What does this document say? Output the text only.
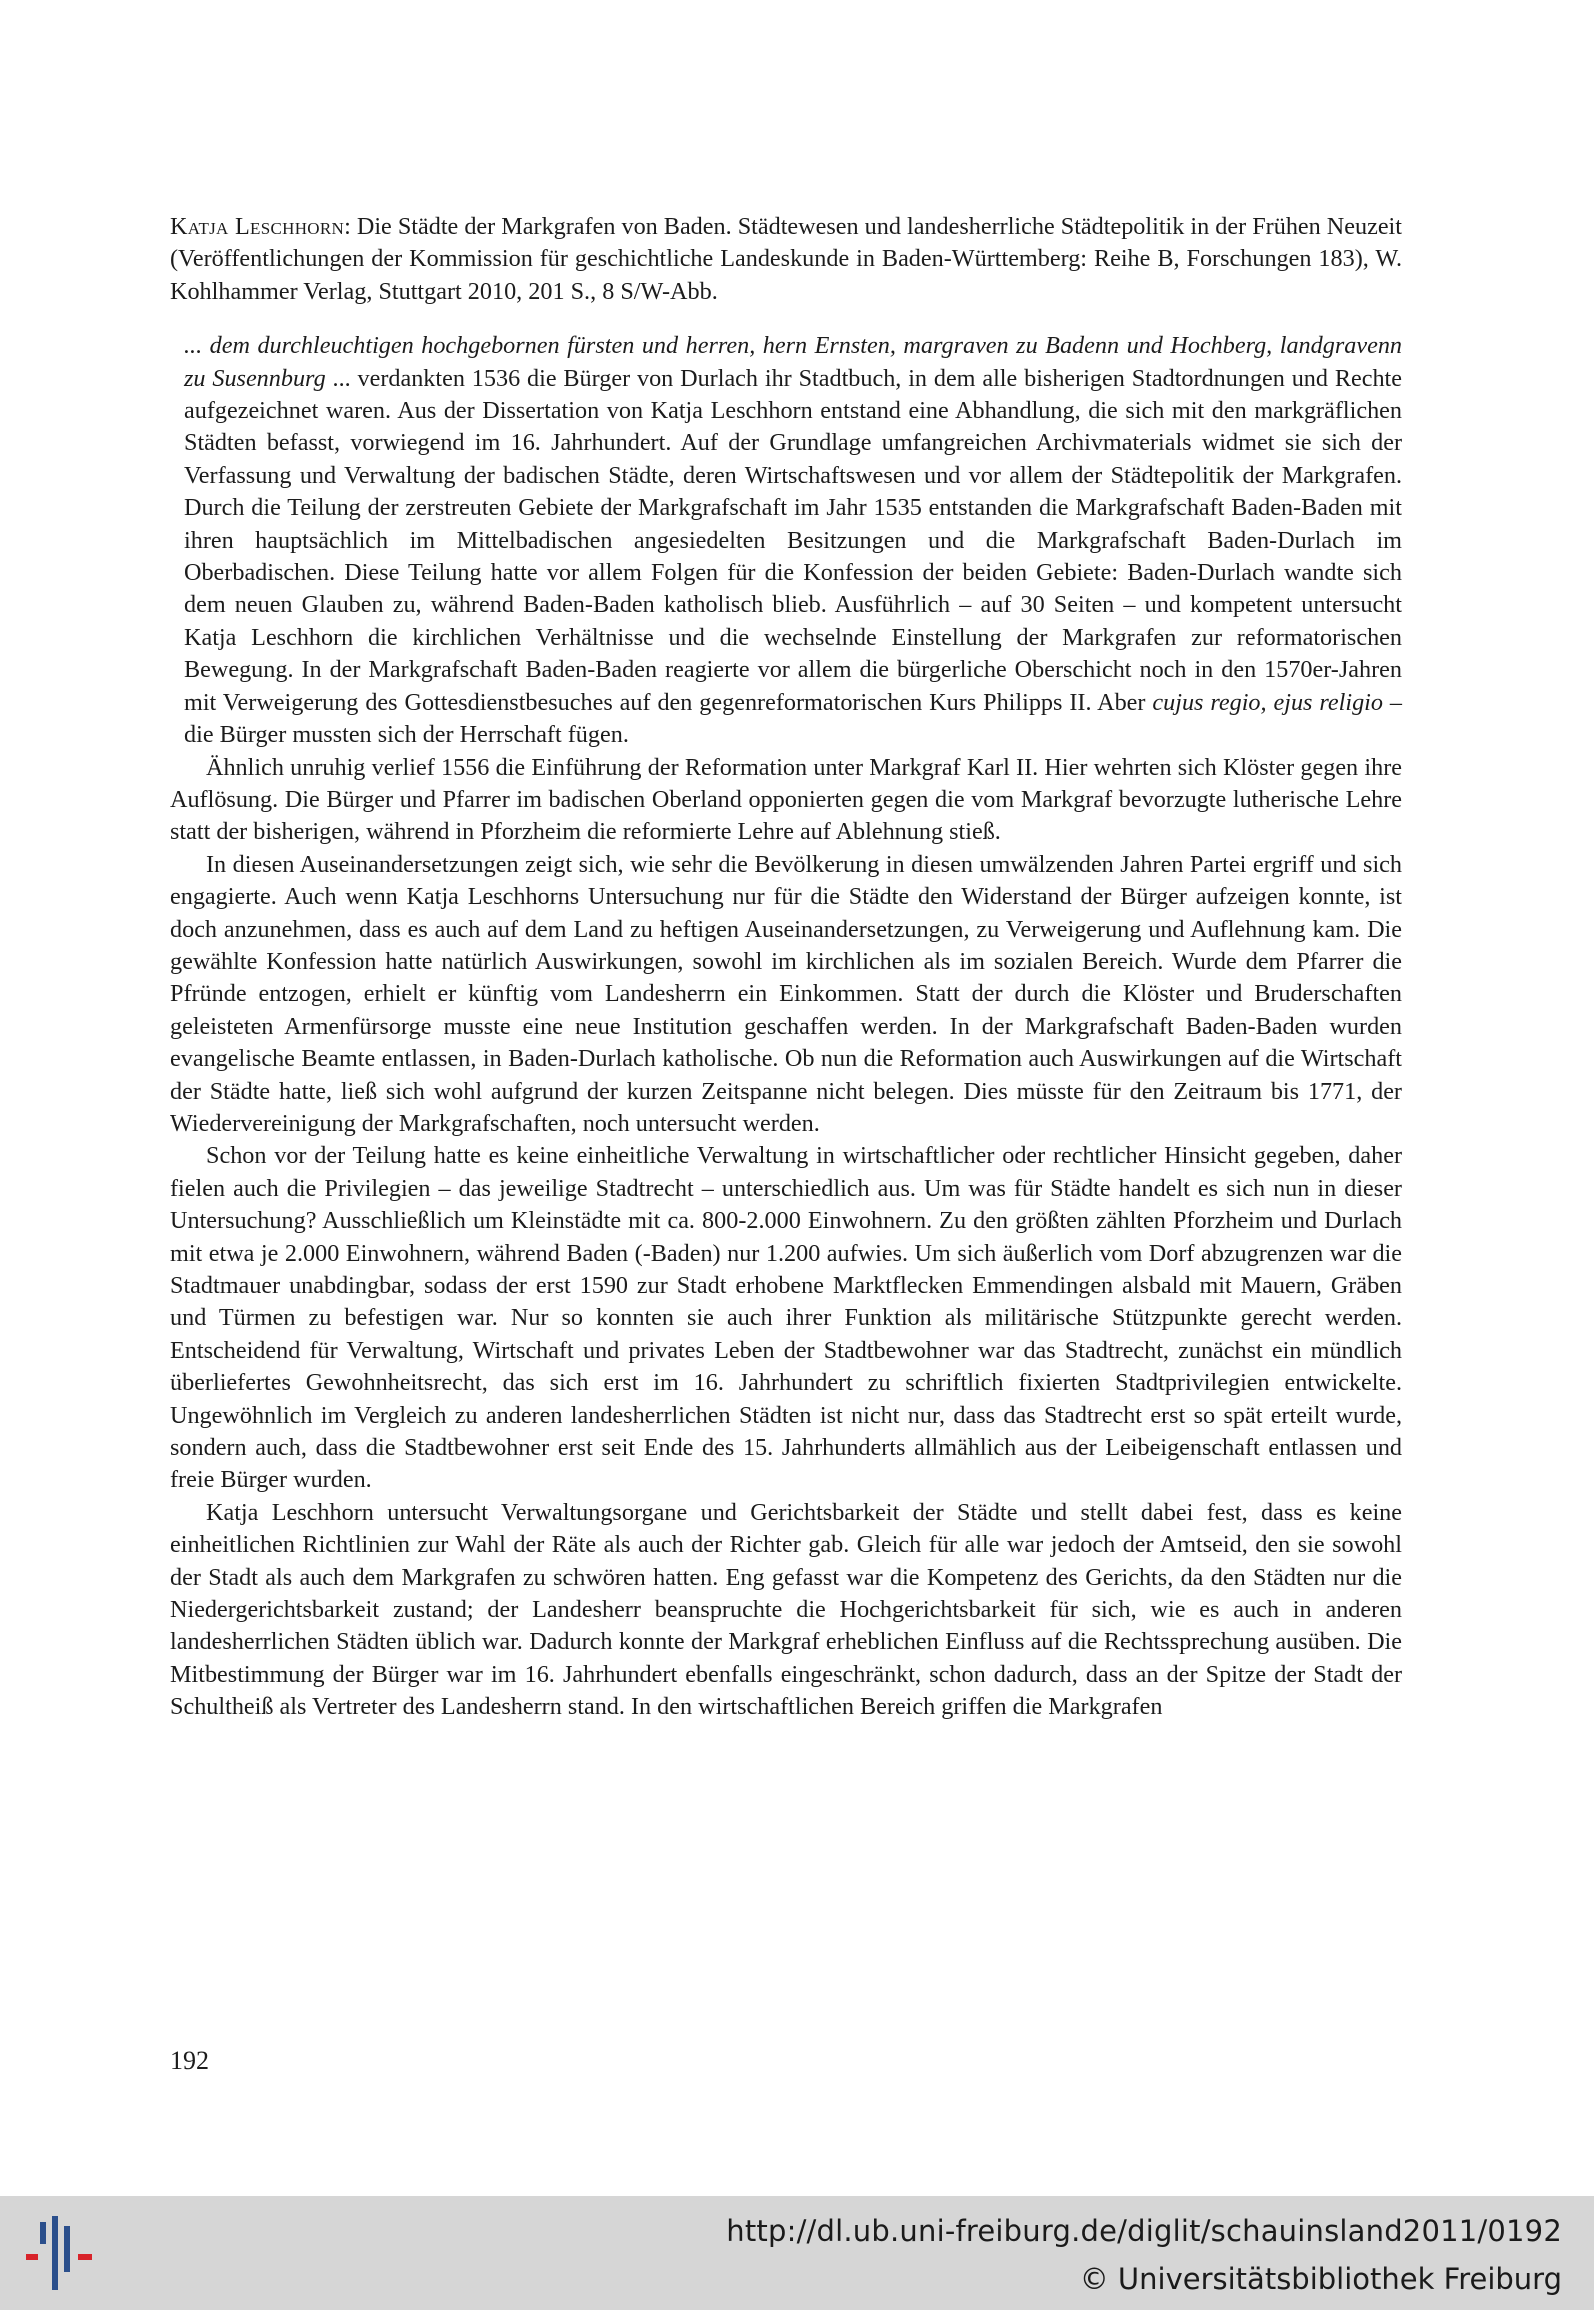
Katja Leschhorn: Die Städte der Markgrafen von Baden. Städtewesen und landesherrliche Städtepolitik in der Frühen Neuzeit (Veröffentlichungen der Kommission für geschichtliche Landeskunde in Baden-Württemberg: Reihe B, Forschungen 183), W. Kohlhammer Verlag, Stuttgart 2010, 201 S., 8 S/W-Abb.

... dem durchleuchtigen hochgebornen fürsten und herren, hern Ernsten, margraven zu Badenn und Hochberg, landgravenn zu Susennburg ... verdankten 1536 die Bürger von Durlach ihr Stadtbuch, in dem alle bisherigen Stadtordnungen und Rechte aufgezeichnet waren. Aus der Dissertation von Katja Leschhorn entstand eine Abhandlung, die sich mit den markgräflichen Städten befasst, vorwiegend im 16. Jahrhundert. Auf der Grundlage umfangreichen Archivmaterials widmet sie sich der Verfassung und Verwaltung der badischen Städte, deren Wirtschaftswesen und vor allem der Städtepolitik der Markgrafen. Durch die Teilung der zerstreuten Gebiete der Markgrafschaft im Jahr 1535 entstanden die Markgrafschaft Baden-Baden mit ihren hauptsächlich im Mittelbadischen angesiedelten Besitzungen und die Markgrafschaft Baden-Durlach im Oberbadischen. Diese Teilung hatte vor allem Folgen für die Konfession der beiden Gebiete: Baden-Durlach wandte sich dem neuen Glauben zu, während Baden-Baden katholisch blieb. Ausführlich – auf 30 Seiten – und kompetent untersucht Katja Leschhorn die kirchlichen Verhältnisse und die wechselnde Einstellung der Markgrafen zur reformatorischen Bewegung. In der Markgrafschaft Baden-Baden reagierte vor allem die bürgerliche Oberschicht noch in den 1570er-Jahren mit Verweigerung des Gottesdienstbesuches auf den gegenreformatorischen Kurs Philipps II. Aber cujus regio, ejus religio – die Bürger mussten sich der Herrschaft fügen.

Ähnlich unruhig verlief 1556 die Einführung der Reformation unter Markgraf Karl II. Hier wehrten sich Klöster gegen ihre Auflösung. Die Bürger und Pfarrer im badischen Oberland opponierten gegen die vom Markgraf bevorzugte lutherische Lehre statt der bisherigen, während in Pforzheim die reformierte Lehre auf Ablehnung stieß.

In diesen Auseinandersetzungen zeigt sich, wie sehr die Bevölkerung in diesen umwälzenden Jahren Partei ergriff und sich engagierte. Auch wenn Katja Leschhorns Untersuchung nur für die Städte den Widerstand der Bürger aufzeigen konnte, ist doch anzunehmen, dass es auch auf dem Land zu heftigen Auseinandersetzungen, zu Verweigerung und Auflehnung kam. Die gewählte Konfession hatte natürlich Auswirkungen, sowohl im kirchlichen als im sozialen Bereich. Wurde dem Pfarrer die Pfründe entzogen, erhielt er künftig vom Landesherrn ein Einkommen. Statt der durch die Klöster und Bruderschaften geleisteten Armenfürsorge musste eine neue Institution geschaffen werden. In der Markgrafschaft Baden-Baden wurden evangelische Beamte entlassen, in Baden-Durlach katholische. Ob nun die Reformation auch Auswirkungen auf die Wirtschaft der Städte hatte, ließ sich wohl aufgrund der kurzen Zeitspanne nicht belegen. Dies müsste für den Zeitraum bis 1771, der Wiedervereinigung der Markgrafschaften, noch untersucht werden.

Schon vor der Teilung hatte es keine einheitliche Verwaltung in wirtschaftlicher oder rechtlicher Hinsicht gegeben, daher fielen auch die Privilegien – das jeweilige Stadtrecht – unterschiedlich aus. Um was für Städte handelt es sich nun in dieser Untersuchung? Ausschließlich um Kleinstädte mit ca. 800-2.000 Einwohnern. Zu den größten zählten Pforzheim und Durlach mit etwa je 2.000 Einwohnern, während Baden (-Baden) nur 1.200 aufwies. Um sich äußerlich vom Dorf abzugrenzen war die Stadtmauer unabdingbar, sodass der erst 1590 zur Stadt erhobene Marktflecken Emmendingen alsbald mit Mauern, Gräben und Türmen zu befestigen war. Nur so konnten sie auch ihrer Funktion als militärische Stützpunkte gerecht werden. Entscheidend für Verwaltung, Wirtschaft und privates Leben der Stadtbewohner war das Stadtrecht, zunächst ein mündlich überliefertes Gewohnheitsrecht, das sich erst im 16. Jahrhundert zu schriftlich fixierten Stadtprivilegien entwickelte. Ungewöhnlich im Vergleich zu anderen landesherrlichen Städten ist nicht nur, dass das Stadtrecht erst so spät erteilt wurde, sondern auch, dass die Stadtbewohner erst seit Ende des 15. Jahrhunderts allmählich aus der Leibeigenschaft entlassen und freie Bürger wurden.

Katja Leschhorn untersucht Verwaltungsorgane und Gerichtsbarkeit der Städte und stellt dabei fest, dass es keine einheitlichen Richtlinien zur Wahl der Räte als auch der Richter gab. Gleich für alle war jedoch der Amtseid, den sie sowohl der Stadt als auch dem Markgrafen zu schwören hatten. Eng gefasst war die Kompetenz des Gerichts, da den Städten nur die Niedergerichtsbarkeit zustand; der Landesherr beanspruchte die Hochgerichtsbarkeit für sich, wie es auch in anderen landesherrlichen Städten üblich war. Dadurch konnte der Markgraf erheblichen Einfluss auf die Rechtssprechung ausüben. Die Mitbestimmung der Bürger war im 16. Jahrhundert ebenfalls eingeschränkt, schon dadurch, dass an der Spitze der Stadt der Schultheiß als Vertreter des Landesherrn stand. In den wirtschaftlichen Bereich griffen die Markgrafen

192
http://dl.ub.uni-freiburg.de/diglit/schauinsland2011/0192
© Universitätsbibliothek Freiburg
